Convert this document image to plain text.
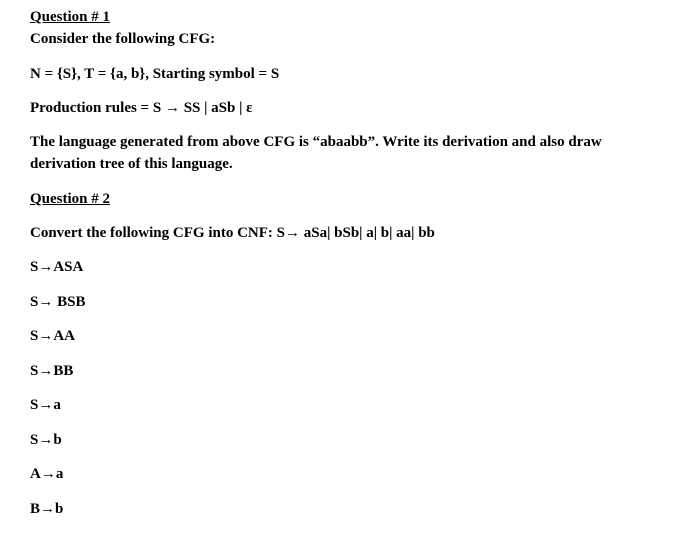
Question # 1
Consider the following CFG:
N = {S}, T = {a, b}, Starting symbol = S
Production rules = S → SS | aSb | ε
The language generated from above CFG is “abaabb”. Write its derivation and also draw
derivation tree of this language.
Question # 2
Convert the following CFG into CNF: S→ aSa| bSb| a| b| aa| bb
S→ASA
S→ BSB
S→AA
S→BB
S→a
S→b
A→a
B→b
